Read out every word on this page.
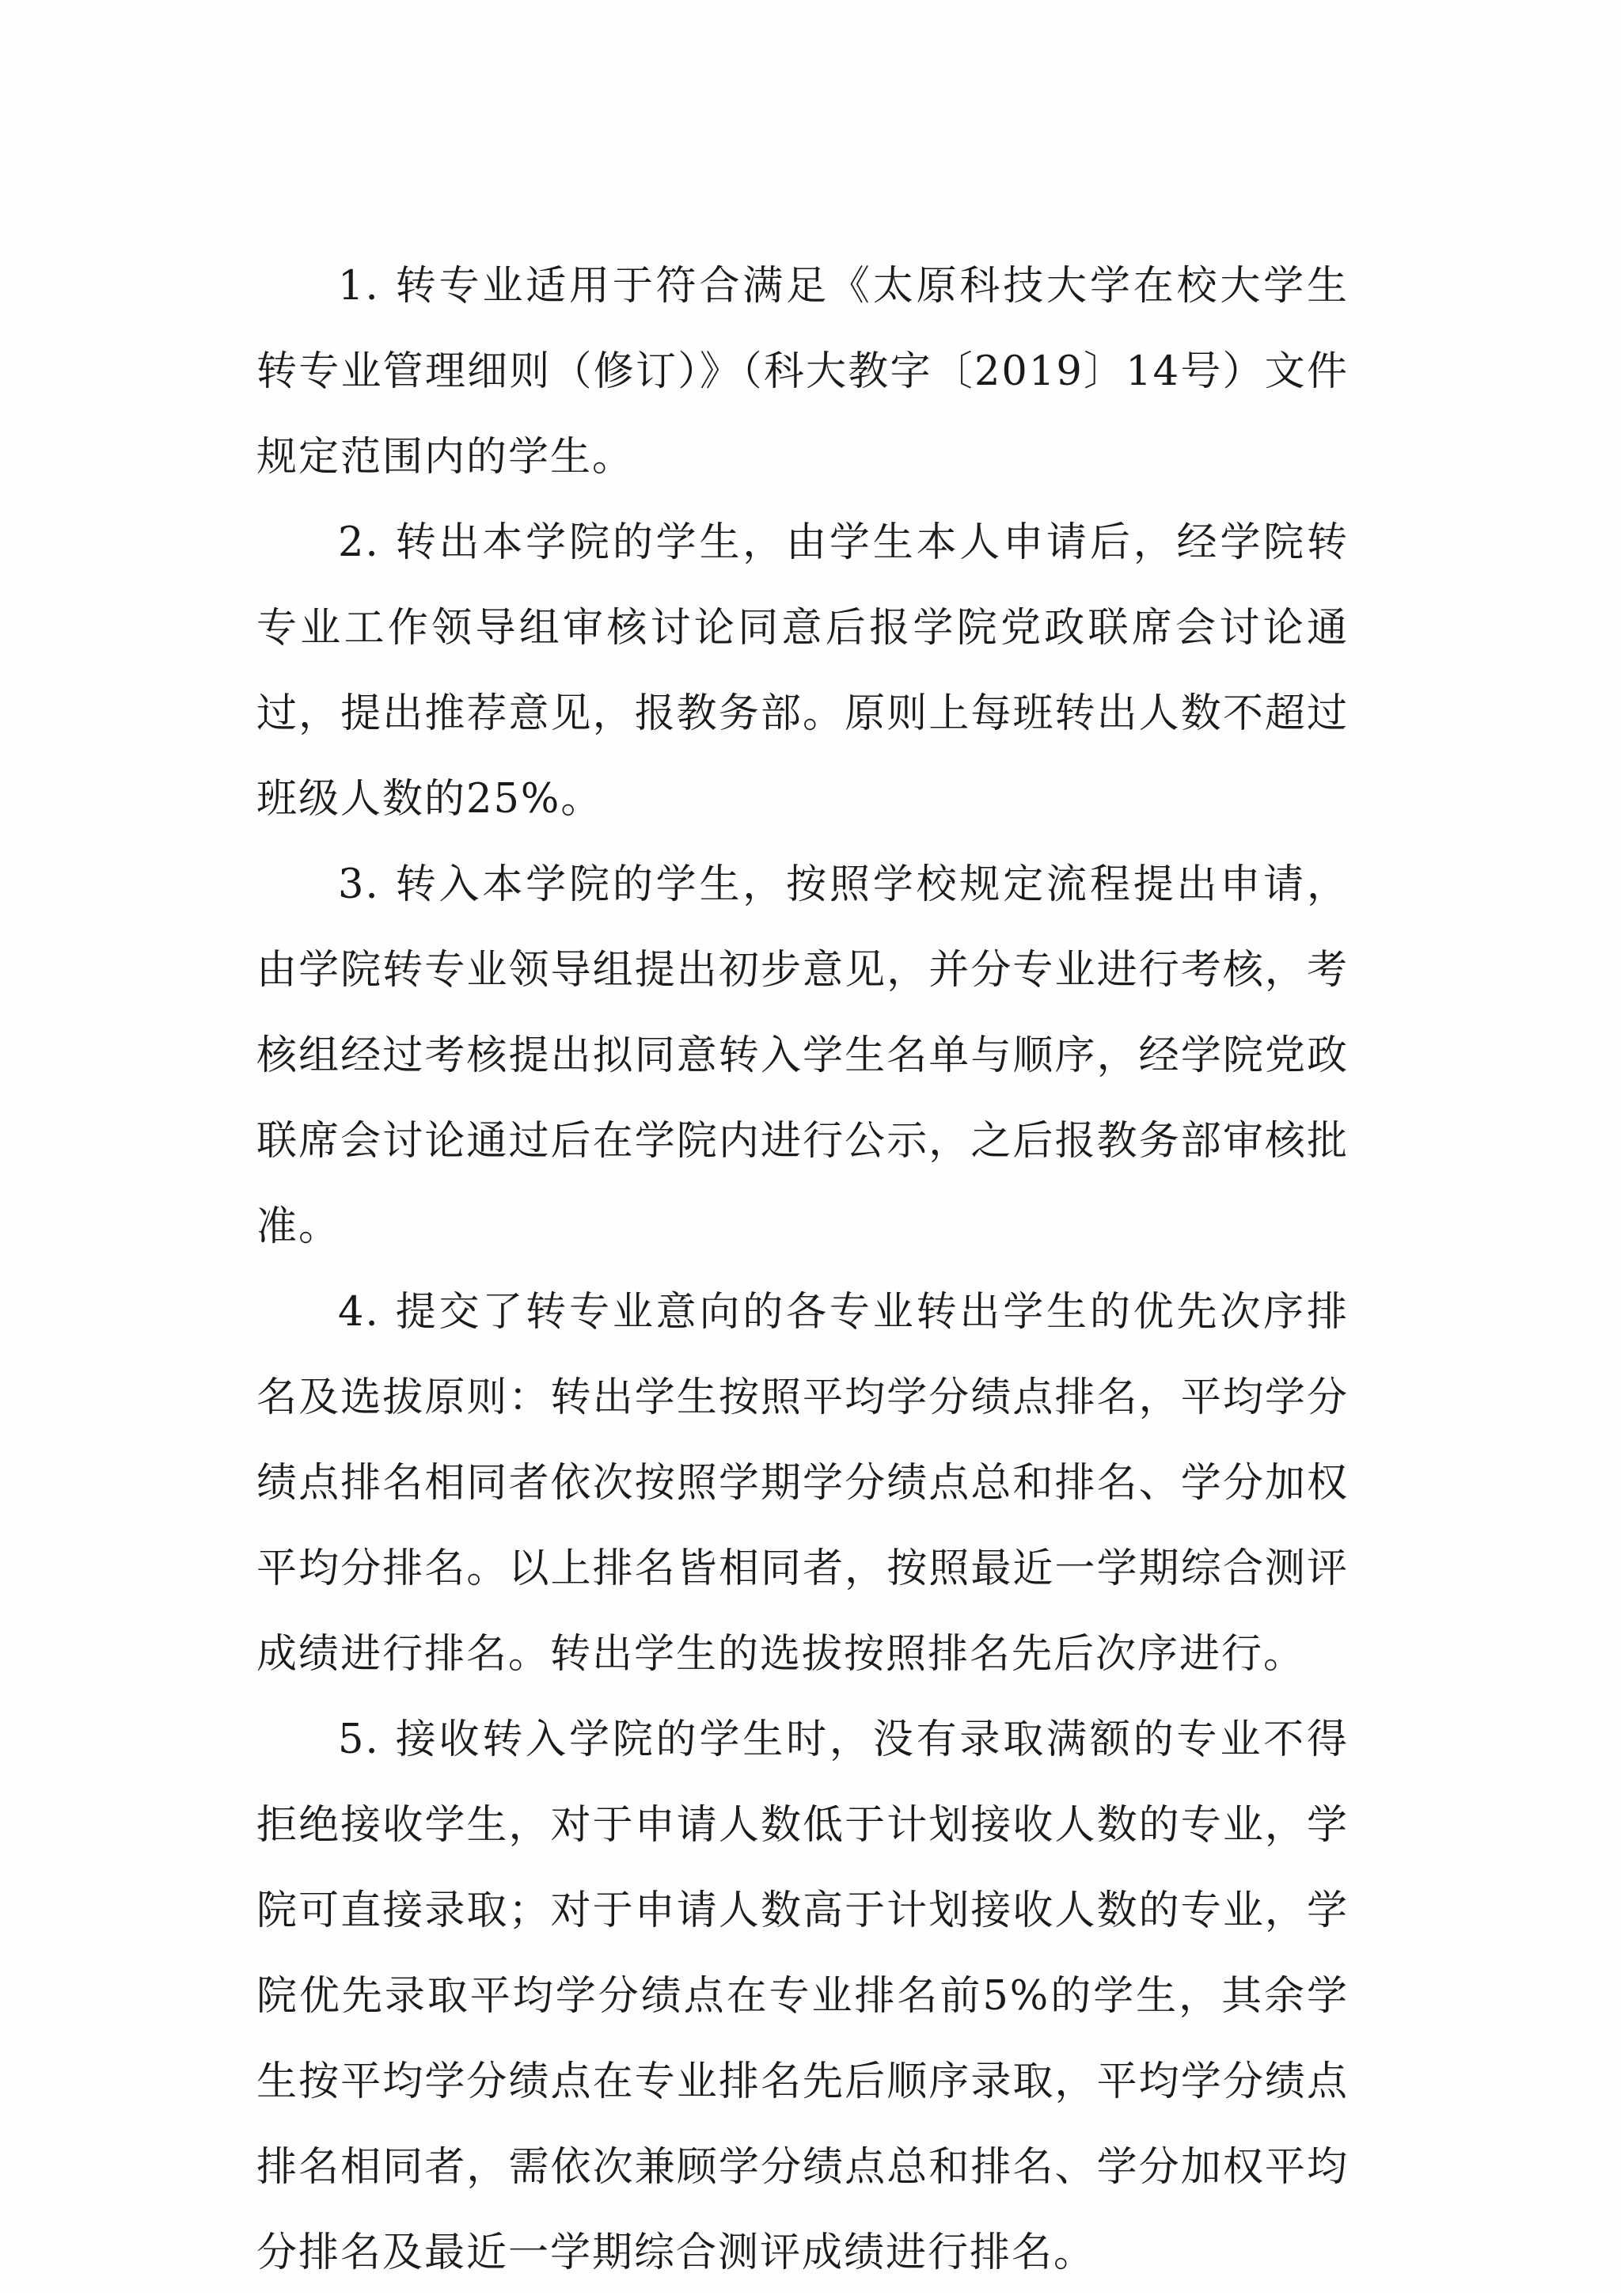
1. 转专业适用于符合满足《太原科技大学在校大学生转专业管理细则（修订）》（科大教字〔2019〕14号）文件规定范围内的学生。

2. 转出本学院的学生，由学生本人申请后，经学院转专业工作领导组审核讨论同意后报学院党政联席会讨论通过，提出推荐意见，报教务部。原则上每班转出人数不超过班级人数的25%。

3. 转入本学院的学生，按照学校规定流程提出申请，由学院转专业领导组提出初步意见，并分专业进行考核，考核组经过考核提出拟同意转入学生名单与顺序，经学院党政联席会讨论通过后在学院内进行公示，之后报教务部审核批准。

4. 提交了转专业意向的各专业转出学生的优先次序排名及选拔原则：转出学生按照平均学分绩点排名，平均学分绩点排名相同者依次按照学期学分绩点总和排名、学分加权平均分排名。以上排名皆相同者，按照最近一学期综合测评成绩进行排名。转出学生的选拔按照排名先后次序进行。

5. 接收转入学院的学生时，没有录取满额的专业不得拒绝接收学生，对于申请人数低于计划接收人数的专业，学院可直接录取；对于申请人数高于计划接收人数的专业，学院优先录取平均学分绩点在专业排名前5%的学生，其余学生按平均学分绩点在专业排名先后顺序录取，平均学分绩点排名相同者，需依次兼顾学分绩点总和排名、学分加权平均分排名及最近一学期综合测评成绩进行排名。
